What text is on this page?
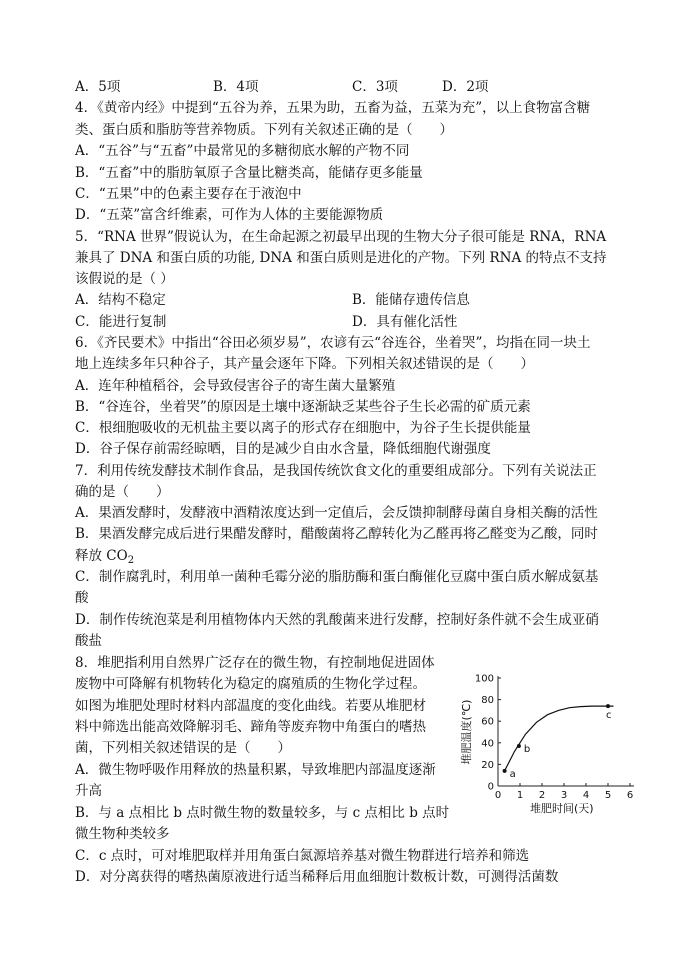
A．5项	B．4项	C．3项	D．2项
4．《黄帝内经》中提到“五谷为养，五果为助，五畜为益，五菜为充”，以上食物富含糖
类、蛋白质和脂肪等营养物质。下列有关叙述正确的是（　　）
A．“五谷”与“五畜”中最常见的多糖彻底水解的产物不同
B．“五畜”中的脂肪氧原子含量比糖类高，能储存更多能量
C．“五果”中的色素主要存在于液泡中
D．“五菜”富含纤维素，可作为人体的主要能源物质
5．“RNA 世界”假说认为，在生命起源之初最早出现的生物大分子很可能是 RNA，RNA
兼具了 DNA 和蛋白质的功能, DNA 和蛋白质则是进化的产物。下列 RNA 的特点不支持
该假说的是（ ）
A．结构不稳定	B．能储存遗传信息
C．能进行复制	D．具有催化活性
6．《齐民要术》中指出“谷田必须岁易”，农谚有云“谷连谷，坐着哭”，均指在同一块土
地上连续多年只种谷子，其产量会逐年下降。下列相关叙述错误的是（　　）
A．连年种植稻谷，会导致侵害谷子的寄生菌大量繁殖
B．“谷连谷，坐着哭”的原因是土壤中逐渐缺乏某些谷子生长必需的矿质元素
C．根细胞吸收的无机盐主要以离子的形式存在细胞中，为谷子生长提供能量
D．谷子保存前需经晾晒，目的是减少自由水含量，降低细胞代谢强度
7．利用传统发酵技术制作食品，是我国传统饮食文化的重要组成部分。下列有关说法正
确的是（　　）
A．果酒发酵时，发酵液中酒精浓度达到一定值后，会反馈抑制酵母菌自身相关酶的活性
B．果酒发酵完成后进行果醋发酵时，醋酸菌将乙醇转化为乙醛再将乙醛变为乙酸，同时
释放 $CO_2$
C．制作腐乳时，利用单一菌种毛霉分泌的脂肪酶和蛋白酶催化豆腐中蛋白质水解成氨基
酸
D．制作传统泡菜是利用植物体内天然的乳酸菌来进行发酵，控制好条件就不会生成亚硝
酸盐
8．堆肥指利用自然界广泛存在的微生物，有控制地促进固体
废物中可降解有机物转化为稳定的腐殖质的生物化学过程。
如图为堆肥处理时材料内部温度的变化曲线。若要从堆肥材
料中筛选出能高效降解羽毛、蹄角等废弃物中角蛋白的嗜热
菌，下列相关叙述错误的是（　　）
A．微生物呼吸作用释放的热量积累，导致堆肥内部温度逐渐
升高
B．与 a 点相比 b 点时微生物的数量较多，与 c 点相比 b 点时
微生物种类较多
C．c 点时，可对堆肥取样并用角蛋白氮源培养基对微生物群进行培养和筛选
D．对分离获得的嗜热菌原液进行适当稀释后用血细胞计数板计数，可测得活菌数
0 1 2 3 4 5 6
0
20
40
60
80
100
堆肥时间(天)
堆肥温度(℃)
a
b
c
